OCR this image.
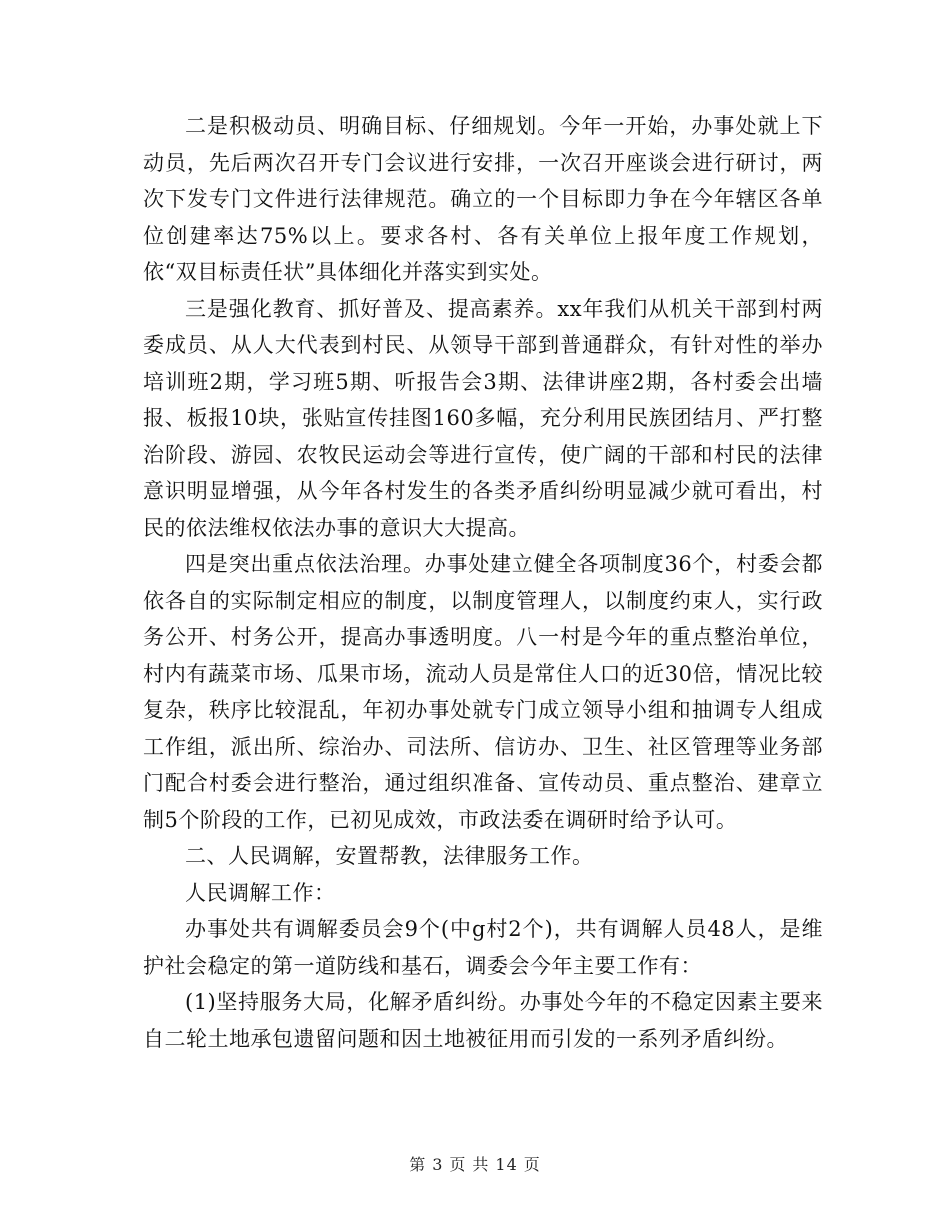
二是积极动员、明确目标、仔细规划。今年一开始，办事处就上下动员，先后两次召开专门会议进行安排，一次召开座谈会进行研讨，两次下发专门文件进行法律规范。确立的一个目标即力争在今年辖区各单位创建率达75%以上。要求各村、各有关单位上报年度工作规划，依“双目标责任状”具体细化并落实到实处。

三是强化教育、抓好普及、提高素养。xx年我们从机关干部到村两委成员、从人大代表到村民、从领导干部到普通群众，有针对性的举办培训班2期，学习班5期、听报告会3期、法律讲座2期，各村委会出墙报、板报10块，张贴宣传挂图160多幅，充分利用民族团结月、严打整治阶段、游园、农牧民运动会等进行宣传，使广阔的干部和村民的法律意识明显增强，从今年各村发生的各类矛盾纠纷明显减少就可看出，村民的依法维权依法办事的意识大大提高。

四是突出重点依法治理。办事处建立健全各项制度36个，村委会都依各自的实际制定相应的制度，以制度管理人，以制度约束人，实行政务公开、村务公开，提高办事透明度。八一村是今年的重点整治单位，村内有蔬菜市场、瓜果市场，流动人员是常住人口的近30倍，情况比较复杂，秩序比较混乱，年初办事处就专门成立领导小组和抽调专人组成工作组，派出所、综治办、司法所、信访办、卫生、社区管理等业务部门配合村委会进行整治，通过组织准备、宣传动员、重点整治、建章立制5个阶段的工作，已初见成效，市政法委在调研时给予认可。

二、人民调解，安置帮教，法律服务工作。

人民调解工作：

办事处共有调解委员会9个(中g村2个)，共有调解人员48人，是维护社会稳定的第一道防线和基石，调委会今年主要工作有：

(1)坚持服务大局，化解矛盾纠纷。办事处今年的不稳定因素主要来自二轮土地承包遗留问题和因土地被征用而引发的一系列矛盾纠纷。

第 3 页 共 14 页
